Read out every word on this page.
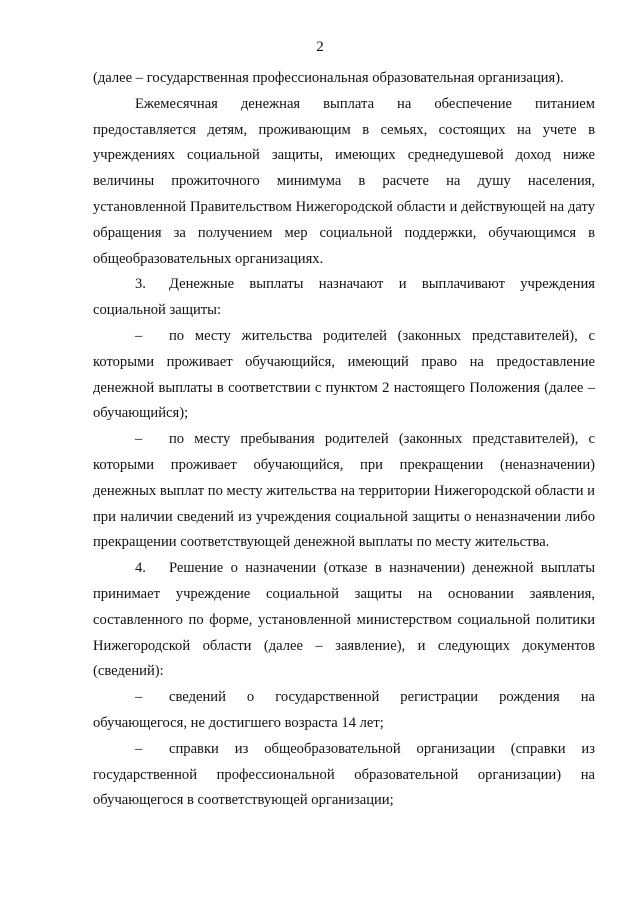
2

(далее – государственная профессиональная образовательная организация).

Ежемесячная денежная выплата на обеспечение питанием предоставляется детям, проживающим в семьях, состоящих на учете в учреждениях социальной защиты, имеющих среднедушевой доход ниже величины прожиточного минимума в расчете на душу населения, установленной Правительством Нижегородской области и действующей на дату обращения за получением мер социальной поддержки, обучающимся в общеобразовательных организациях.

3. Денежные выплаты назначают и выплачивают учреждения социальной защиты:

– по месту жительства родителей (законных представителей), с которыми проживает обучающийся, имеющий право на предоставление денежной выплаты в соответствии с пунктом 2 настоящего Положения (далее – обучающийся);

– по месту пребывания родителей (законных представителей), с которыми проживает обучающийся, при прекращении (неназначении) денежных выплат по месту жительства на территории Нижегородской области и при наличии сведений из учреждения социальной защиты о неназначении либо прекращении соответствующей денежной выплаты по месту жительства.

4. Решение о назначении (отказе в назначении) денежной выплаты принимает учреждение социальной защиты на основании заявления, составленного по форме, установленной министерством социальной политики Нижегородской области (далее – заявление), и следующих документов (сведений):

– сведений о государственной регистрации рождения на обучающегося, не достигшего возраста 14 лет;

– справки из общеобразовательной организации (справки из государственной профессиональной образовательной организации) на обучающегося в соответствующей организации;
